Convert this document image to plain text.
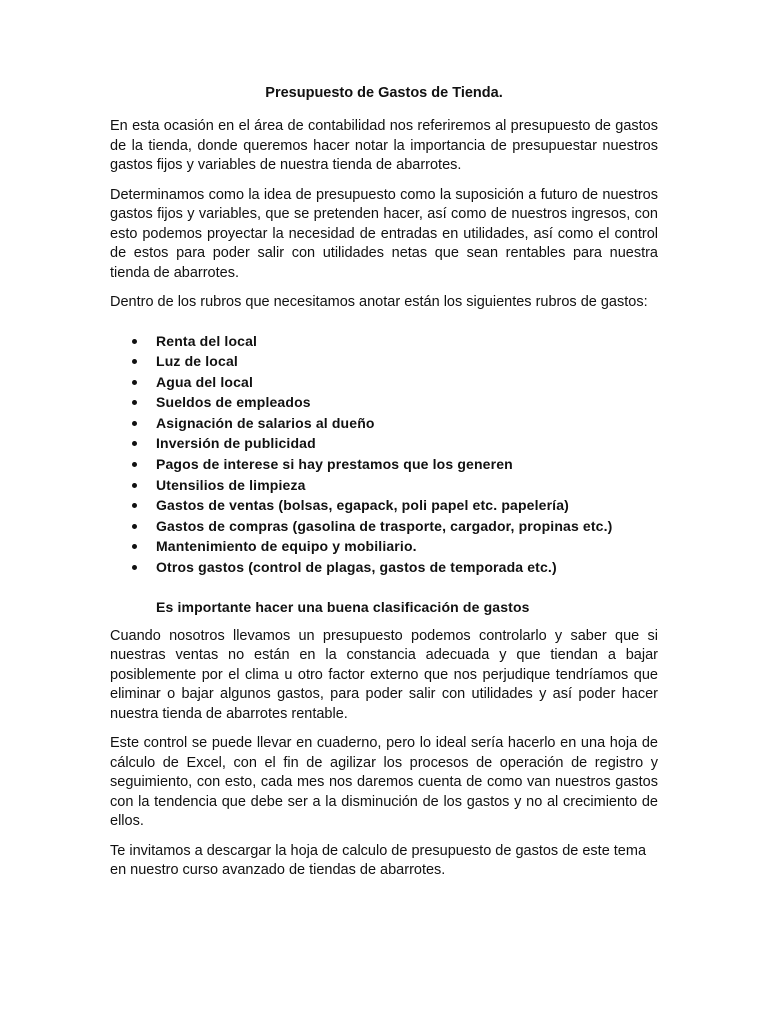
Presupuesto de Gastos de Tienda.

En esta ocasión en el área de contabilidad nos referiremos al presupuesto de gastos de la tienda, donde queremos hacer notar la importancia de presupuestar nuestros gastos fijos y variables de nuestra tienda de abarrotes.

Determinamos como la idea de presupuesto como la suposición a futuro de nuestros gastos fijos y variables, que se pretenden hacer, así como de nuestros ingresos, con esto podemos proyectar la necesidad de entradas en utilidades, así como el control de estos para poder salir con utilidades netas que sean rentables para nuestra tienda de abarrotes.

Dentro de los rubros que necesitamos anotar están los siguientes rubros de gastos:

Renta del local
Luz de local
Agua del local
Sueldos de empleados
Asignación de salarios al dueño
Inversión de publicidad
Pagos de interese si hay prestamos que los generen
Utensilios de limpieza
Gastos de ventas (bolsas, egapack, poli papel etc. papelería)
Gastos de compras (gasolina de trasporte, cargador, propinas etc.)
Mantenimiento de equipo y mobiliario.
Otros gastos (control de plagas, gastos de temporada etc.)

Es importante hacer una buena clasificación de gastos

Cuando nosotros llevamos un presupuesto podemos controlarlo y saber que si nuestras ventas no están en la constancia adecuada y que tiendan a bajar posiblemente por el clima u otro factor externo que nos perjudique tendríamos que eliminar o bajar algunos gastos, para poder salir con utilidades y así poder hacer nuestra tienda de abarrotes rentable.

Este control se puede llevar en cuaderno, pero lo ideal sería hacerlo en una hoja de cálculo de Excel, con el fin de agilizar los procesos de operación de registro y seguimiento, con esto, cada mes nos daremos cuenta de como van nuestros gastos con la tendencia que debe ser a la disminución de los gastos y no al crecimiento de ellos.

Te invitamos a descargar la hoja de calculo de presupuesto de gastos de este tema en nuestro curso avanzado de tiendas de abarrotes.
